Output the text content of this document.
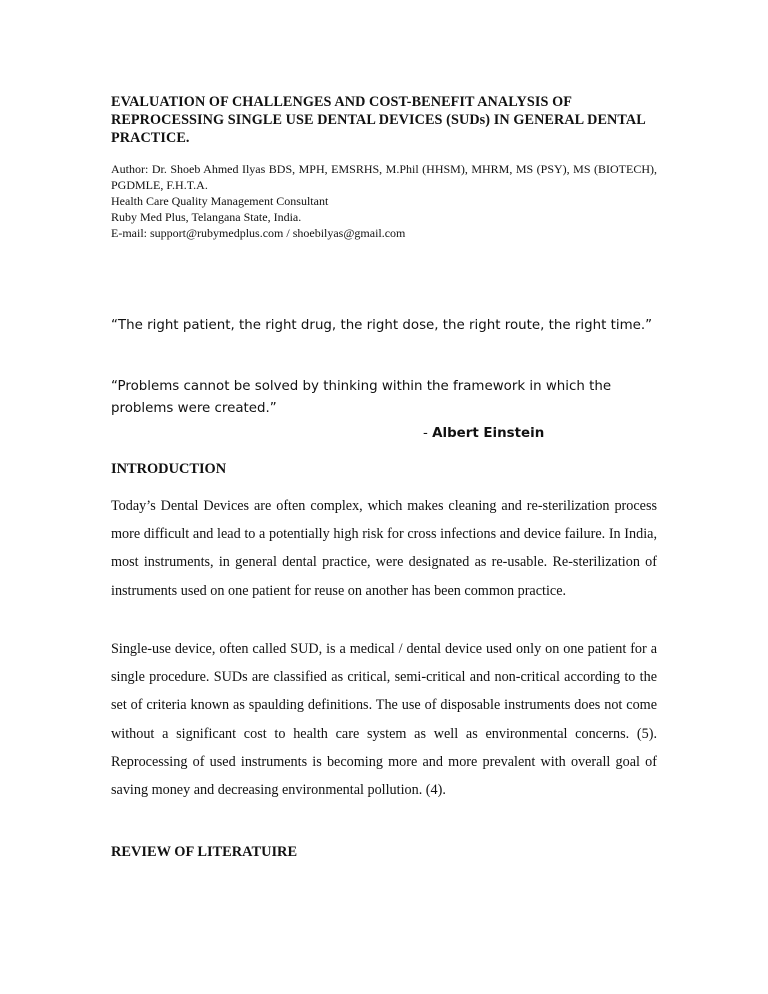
EVALUATION OF CHALLENGES AND COST-BENEFIT ANALYSIS OF REPROCESSING SINGLE USE DENTAL DEVICES (SUDs) IN GENERAL DENTAL PRACTICE.
Author: Dr. Shoeb Ahmed Ilyas BDS, MPH, EMSRHS, M.Phil (HHSM), MHRM, MS (PSY), MS (BIOTECH), PGDMLE, F.H.T.A.
Health Care Quality Management Consultant
Ruby Med Plus, Telangana State, India.
E-mail: support@rubymedplus.com / shoebilyas@gmail.com

“The right patient, the right drug, the right dose, the right route, the right time.”

“Problems cannot be solved by thinking within the framework in which the problems were created.”

- Albert Einstein
INTRODUCTION

Today’s Dental Devices are often complex, which makes cleaning and re-sterilization process more difficult and lead to a potentially high risk for cross infections and device failure. In India, most instruments, in general dental practice, were designated as re-usable. Re-sterilization of instruments used on one patient for reuse on another has been common practice.

Single-use device, often called SUD, is a medical / dental device used only on one patient for a single procedure. SUDs are classified as critical, semi-critical and non-critical according to the set of criteria known as spaulding definitions. The use of disposable instruments does not come without a significant cost to health care system as well as environmental concerns. (5). Reprocessing of used instruments is becoming more and more prevalent with overall goal of saving money and decreasing environmental pollution. (4).

REVIEW OF LITERATUIRE
